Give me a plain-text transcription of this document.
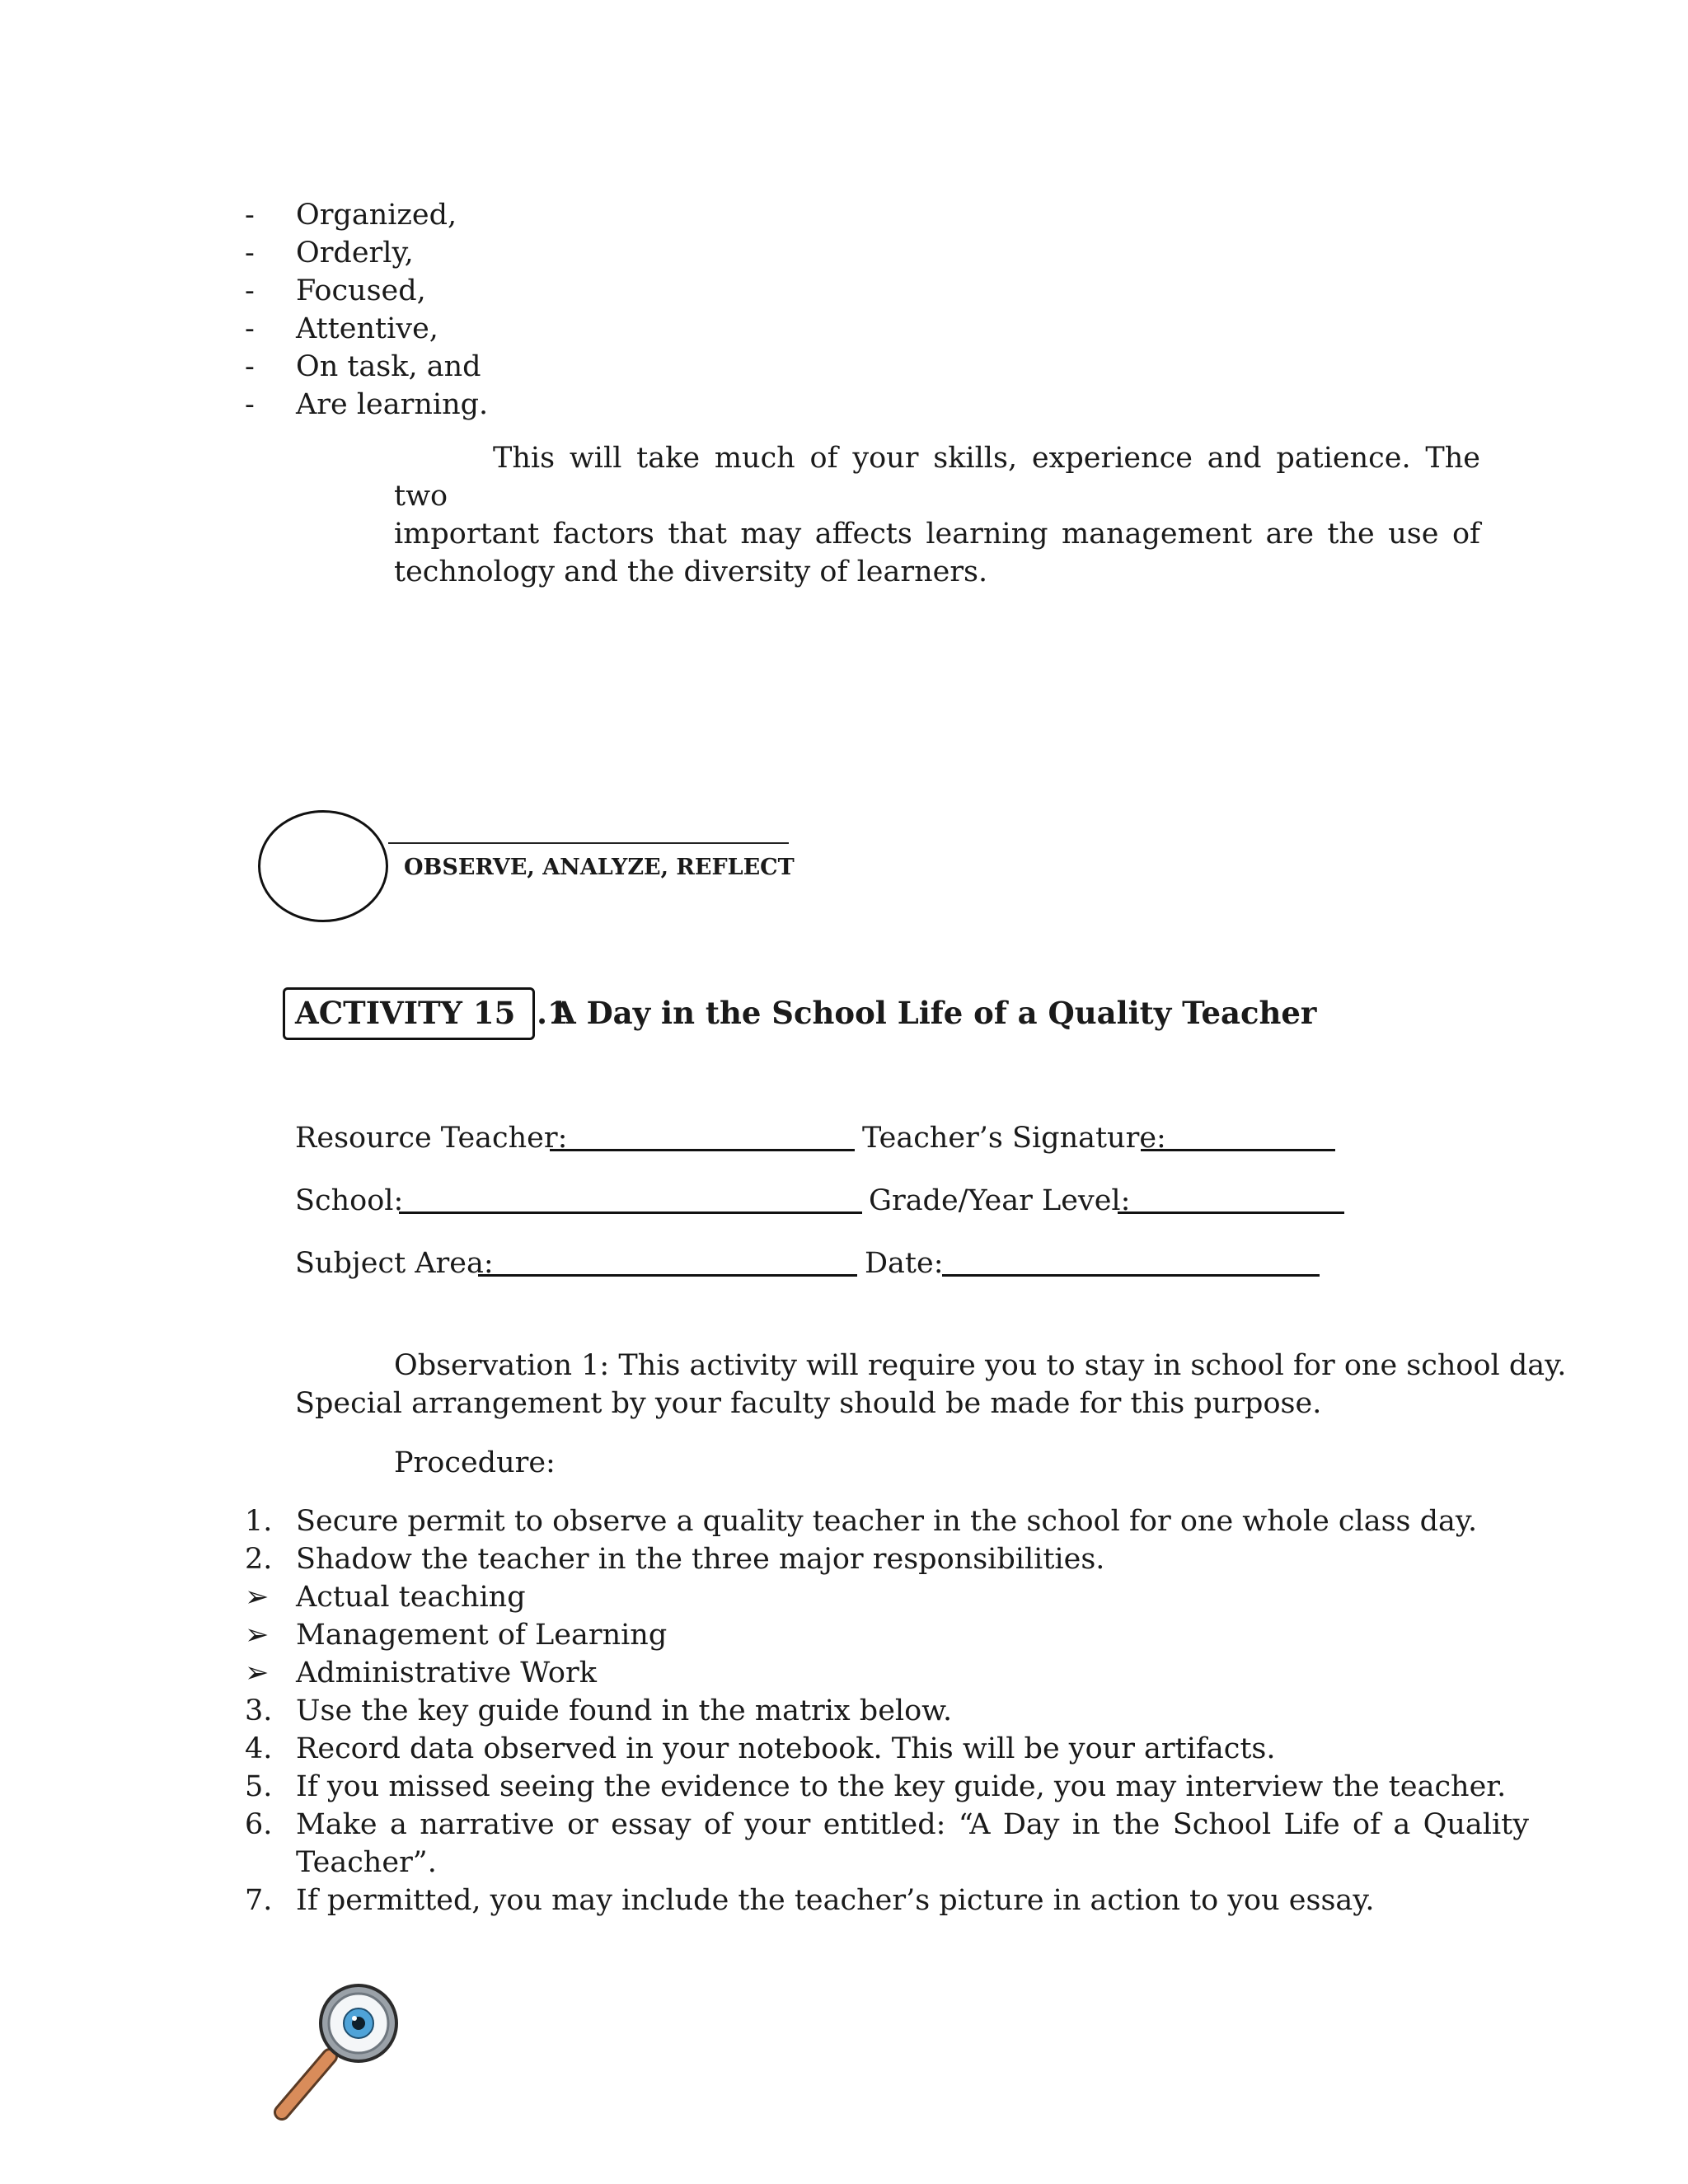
- Organized,
- Orderly,
- Focused,
- Attentive,
- On task, and
- Are learning.
This will take much of your skills, experience and patience. The two
important factors that may affects learning management are the use of
technology and the diversity of learners.
OBSERVE, ANALYZE, REFLECT
ACTIVITY 15  .1
A Day in the School Life of a Quality Teacher
Resource Teacher:	Teacher’s Signature:
School:	Grade/Year Level:
Subject Area:	Date:
Observation 1: This activity will require you to stay in school for one school day.
Special arrangement by your faculty should be made for this purpose.
Procedure:
1. Secure permit to observe a quality teacher in the school for one whole class day.
2. Shadow the teacher in the three major responsibilities.
➢ Actual teaching
➢ Management of Learning
➢ Administrative Work
3. Use the key guide found in the matrix below.
4. Record data observed in your notebook. This will be your artifacts.
5. If you missed seeing the evidence to the key guide, you may interview the teacher.
6. Make a narrative or essay of your entitled: “A Day in the School Life of a Quality
Teacher”.
7. If permitted, you may include the teacher’s picture in action to you essay.
